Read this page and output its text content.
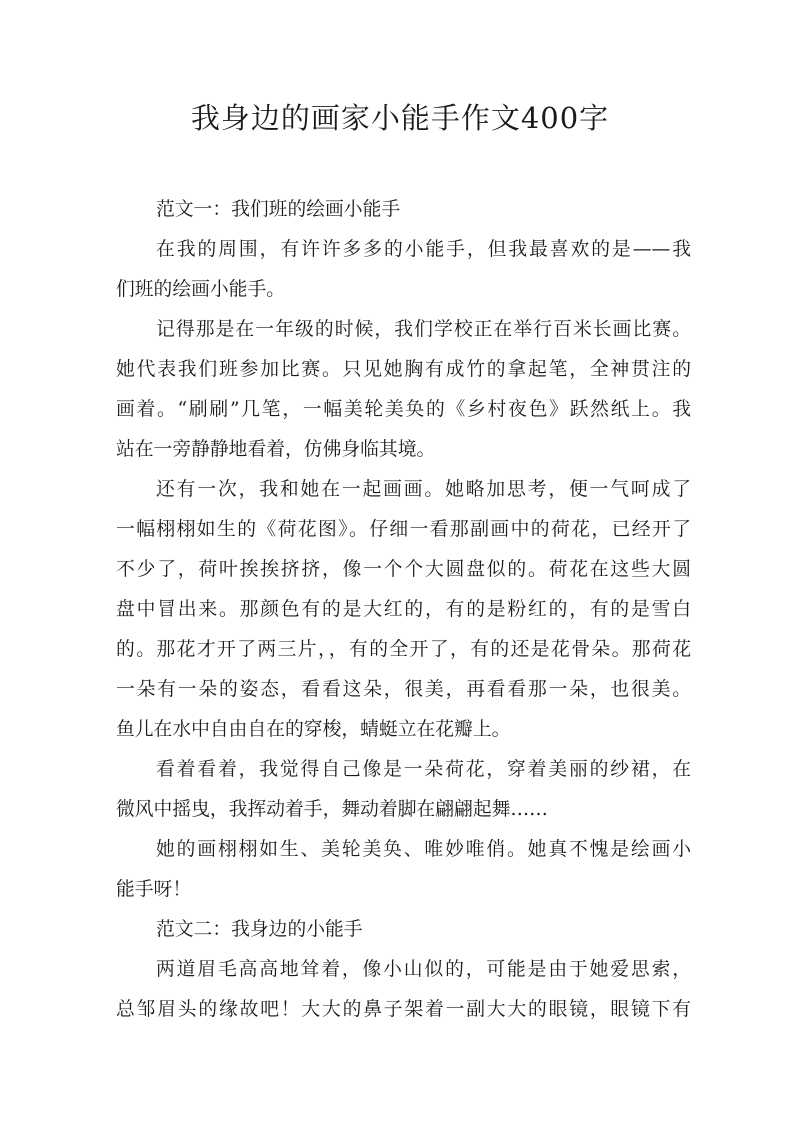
我身边的画家小能手作文400字
范文一：我们班的绘画小能手
在我的周围，有许许多多的小能手，但我最喜欢的是——我
们班的绘画小能手。
记得那是在一年级的时候，我们学校正在举行百米长画比赛。
她代表我们班参加比赛。只见她胸有成竹的拿起笔，全神贯注的
画着。“刷刷”几笔，一幅美轮美奂的《乡村夜色》跃然纸上。我
站在一旁静静地看着，仿佛身临其境。
还有一次，我和她在一起画画。她略加思考，便一气呵成了
一幅栩栩如生的《荷花图》。仔细一看那副画中的荷花，已经开了
不少了，荷叶挨挨挤挤，像一个个大圆盘似的。荷花在这些大圆
盘中冒出来。那颜色有的是大红的，有的是粉红的，有的是雪白
的。那花才开了两三片，，有的全开了，有的还是花骨朵。那荷花
一朵有一朵的姿态，看看这朵，很美，再看看那一朵，也很美。
鱼儿在水中自由自在的穿梭，蜻蜓立在花瓣上。
看着看着，我觉得自己像是一朵荷花，穿着美丽的纱裙，在
微风中摇曳，我挥动着手，舞动着脚在翩翩起舞……
她的画栩栩如生、美轮美奂、唯妙唯俏。她真不愧是绘画小
能手呀！
范文二：我身边的小能手
两道眉毛高高地耸着，像小山似的，可能是由于她爱思索，
总邹眉头的缘故吧！大大的鼻子架着一副大大的眼镜，眼镜下有
